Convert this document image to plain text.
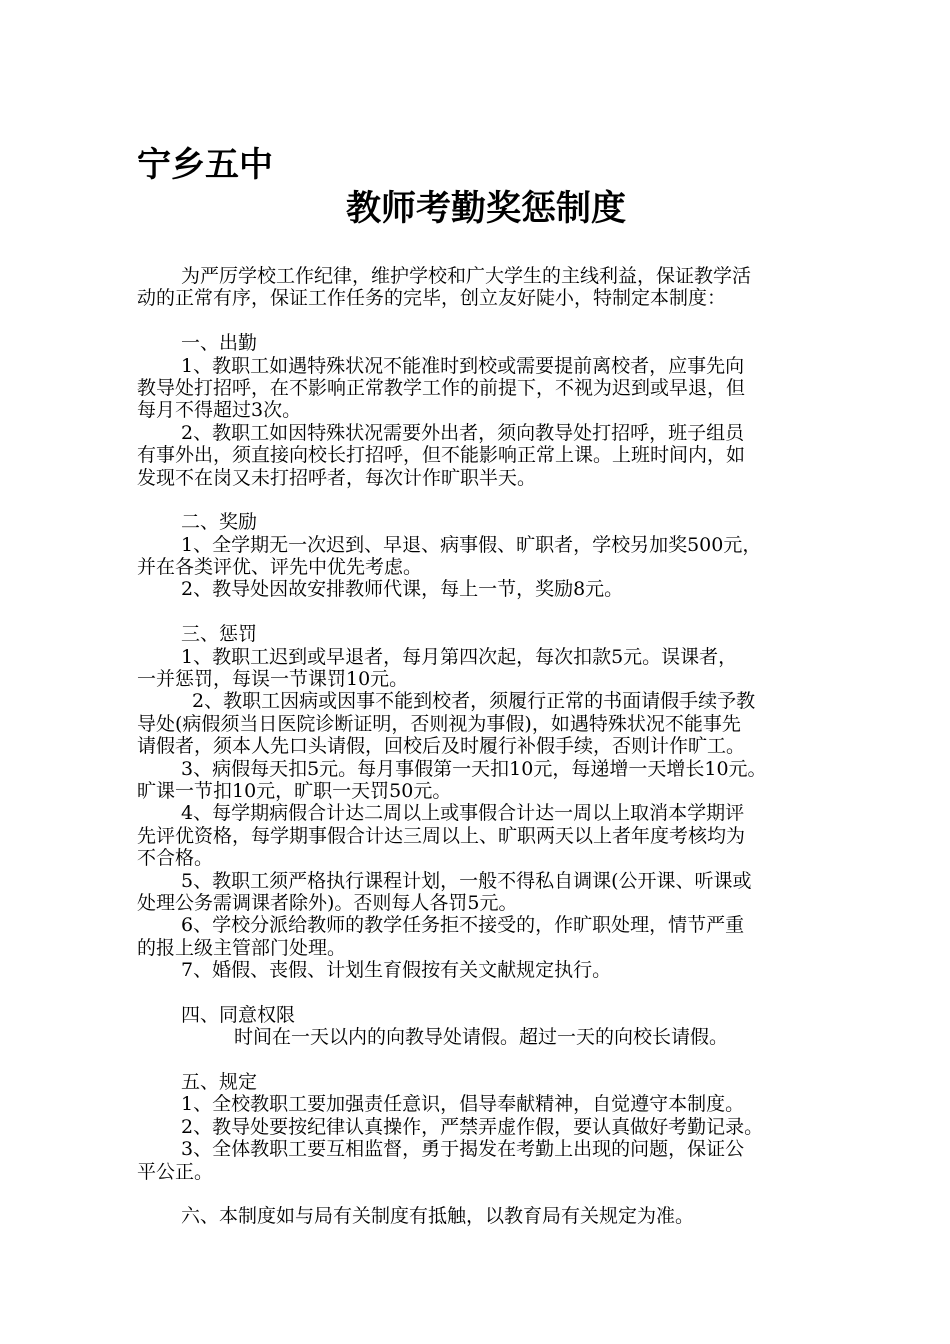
宁乡五中
教师考勤奖惩制度
为严厉学校工作纪律，维护学校和广大学生的主线利益，保证教学活
动的正常有序，保证工作任务的完毕，创立友好陡小，特制定本制度：
一、出勤
1、教职工如遇特殊状况不能准时到校或需要提前离校者，应事先向
教导处打招呼，在不影响正常教学工作的前提下，不视为迟到或早退，但
每月不得超过3次。
2、教职工如因特殊状况需要外出者，须向教导处打招呼，班子组员
有事外出，须直接向校长打招呼，但不能影响正常上课。上班时间内，如
发现不在岗又未打招呼者，每次计作旷职半天。
二、奖励
1、全学期无一次迟到、早退、病事假、旷职者，学校另加奖500元，
并在各类评优、评先中优先考虑。
2、教导处因故安排教师代课，每上一节，奖励8元。
三、惩罚
1、教职工迟到或早退者，每月第四次起，每次扣款5元。误课者，
一并惩罚，每误一节课罚10元。
2、教职工因病或因事不能到校者，须履行正常的书面请假手续予教
导处(病假须当日医院诊断证明，否则视为事假)，如遇特殊状况不能事先
请假者，须本人先口头请假，回校后及时履行补假手续，否则计作旷工。
3、病假每天扣5元。每月事假第一天扣10元，每递增一天增长10元。
旷课一节扣10元，旷职一天罚50元。
4、每学期病假合计达二周以上或事假合计达一周以上取消本学期评
先评优资格，每学期事假合计达三周以上、旷职两天以上者年度考核均为
不合格。
5、教职工须严格执行课程计划，一般不得私自调课(公开课、听课或
处理公务需调课者除外)。否则每人各罚5元。
6、学校分派给教师的教学任务拒不接受的，作旷职处理，情节严重
的报上级主管部门处理。
7、婚假、丧假、计划生育假按有关文献规定执行。
四、同意权限
时间在一天以内的向教导处请假。超过一天的向校长请假。
五、规定
1、全校教职工要加强责任意识，倡导奉献精神，自觉遵守本制度。
2、教导处要按纪律认真操作，严禁弄虚作假，要认真做好考勤记录。
3、全体教职工要互相监督，勇于揭发在考勤上出现的问题，保证公
平公正。
六、本制度如与局有关制度有抵触，以教育局有关规定为准。
